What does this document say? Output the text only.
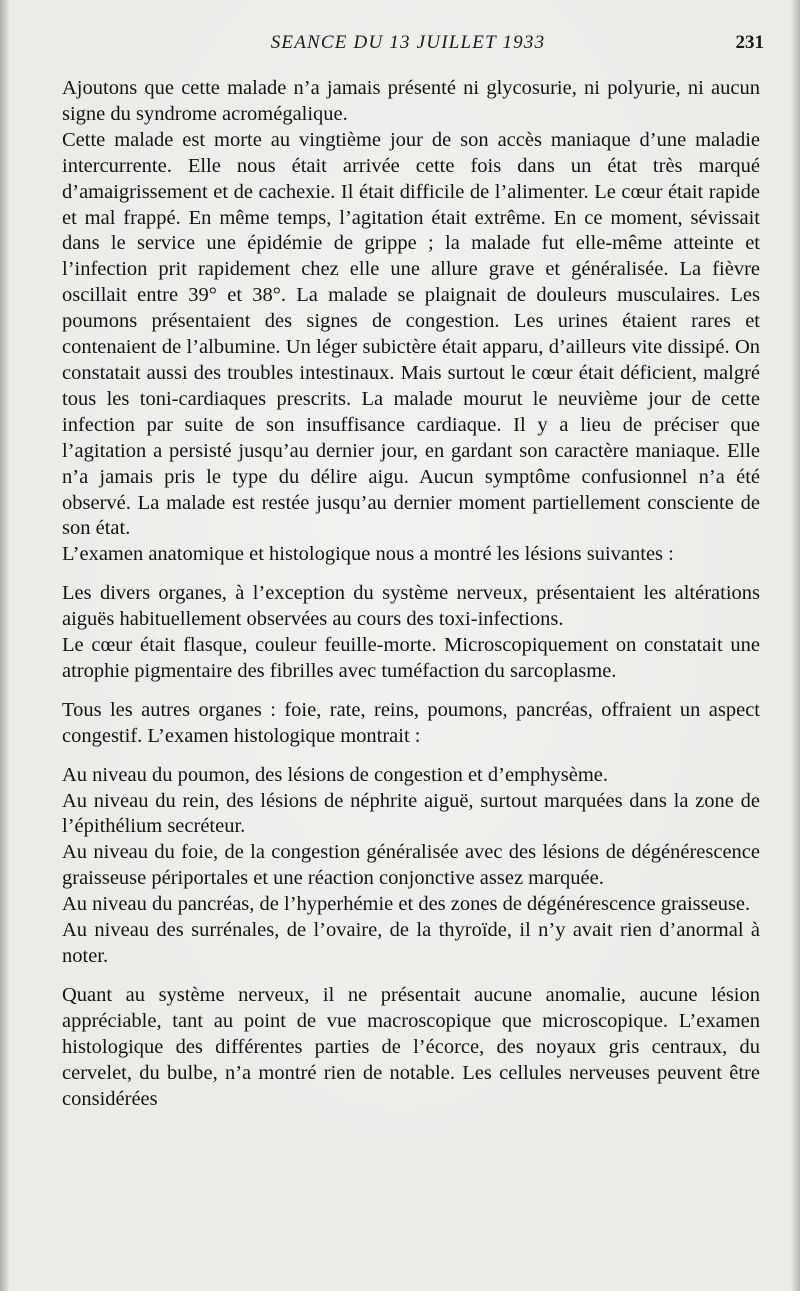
SEANCE DU 13 JUILLET 1933	231

Ajoutons que cette malade n’a jamais présenté ni glycosurie, ni polyurie, ni aucun signe du syndrome acromégalique.

Cette malade est morte au vingtième jour de son accès maniaque d’une maladie intercurrente. Elle nous était arrivée cette fois dans un état très marqué d’amaigrissement et de cachexie. Il était difficile de l’alimenter. Le cœur était rapide et mal frappé. En même temps, l’agitation était extrême. En ce moment, sévissait dans le service une épidémie de grippe ; la malade fut elle-même atteinte et l’infection prit rapidement chez elle une allure grave et généralisée. La fièvre oscillait entre 39° et 38°. La malade se plaignait de douleurs musculaires. Les poumons présentaient des signes de congestion. Les urines étaient rares et contenaient de l’albumine. Un léger subictère était apparu, d’ailleurs vite dissipé. On constatait aussi des troubles intestinaux. Mais surtout le cœur était déficient, malgré tous les toni-cardiaques prescrits. La malade mourut le neuvième jour de cette infection par suite de son insuffisance cardiaque. Il y a lieu de préciser que l’agitation a persisté jusqu’au dernier jour, en gardant son caractère maniaque. Elle n’a jamais pris le type du délire aigu. Aucun symptôme confusionnel n’a été observé. La malade est restée jusqu’au dernier moment partiellement consciente de son état.

L’examen anatomique et histologique nous a montré les lésions suivantes :

Les divers organes, à l’exception du système nerveux, présentaient les altérations aiguës habituellement observées au cours des toxi-infections.

Le cœur était flasque, couleur feuille-morte. Microscopiquement on constatait une atrophie pigmentaire des fibrilles avec tuméfaction du sarcoplasme.

Tous les autres organes : foie, rate, reins, poumons, pancréas, offraient un aspect congestif. L’examen histologique montrait :

Au niveau du poumon, des lésions de congestion et d’emphysème.

Au niveau du rein, des lésions de néphrite aiguë, surtout marquées dans la zone de l’épithélium secréteur.

Au niveau du foie, de la congestion généralisée avec des lésions de dégénérescence graisseuse périportales et une réaction conjonctive assez marquée.

Au niveau du pancréas, de l’hyperhémie et des zones de dégénérescence graisseuse.

Au niveau des surrénales, de l’ovaire, de la thyroïde, il n’y avait rien d’anormal à noter.

Quant au système nerveux, il ne présentait aucune anomalie, aucune lésion appréciable, tant au point de vue macroscopique que microscopique. L’examen histologique des différentes parties de l’écorce, des noyaux gris centraux, du cervelet, du bulbe, n’a montré rien de notable. Les cellules nerveuses peuvent être considérées
